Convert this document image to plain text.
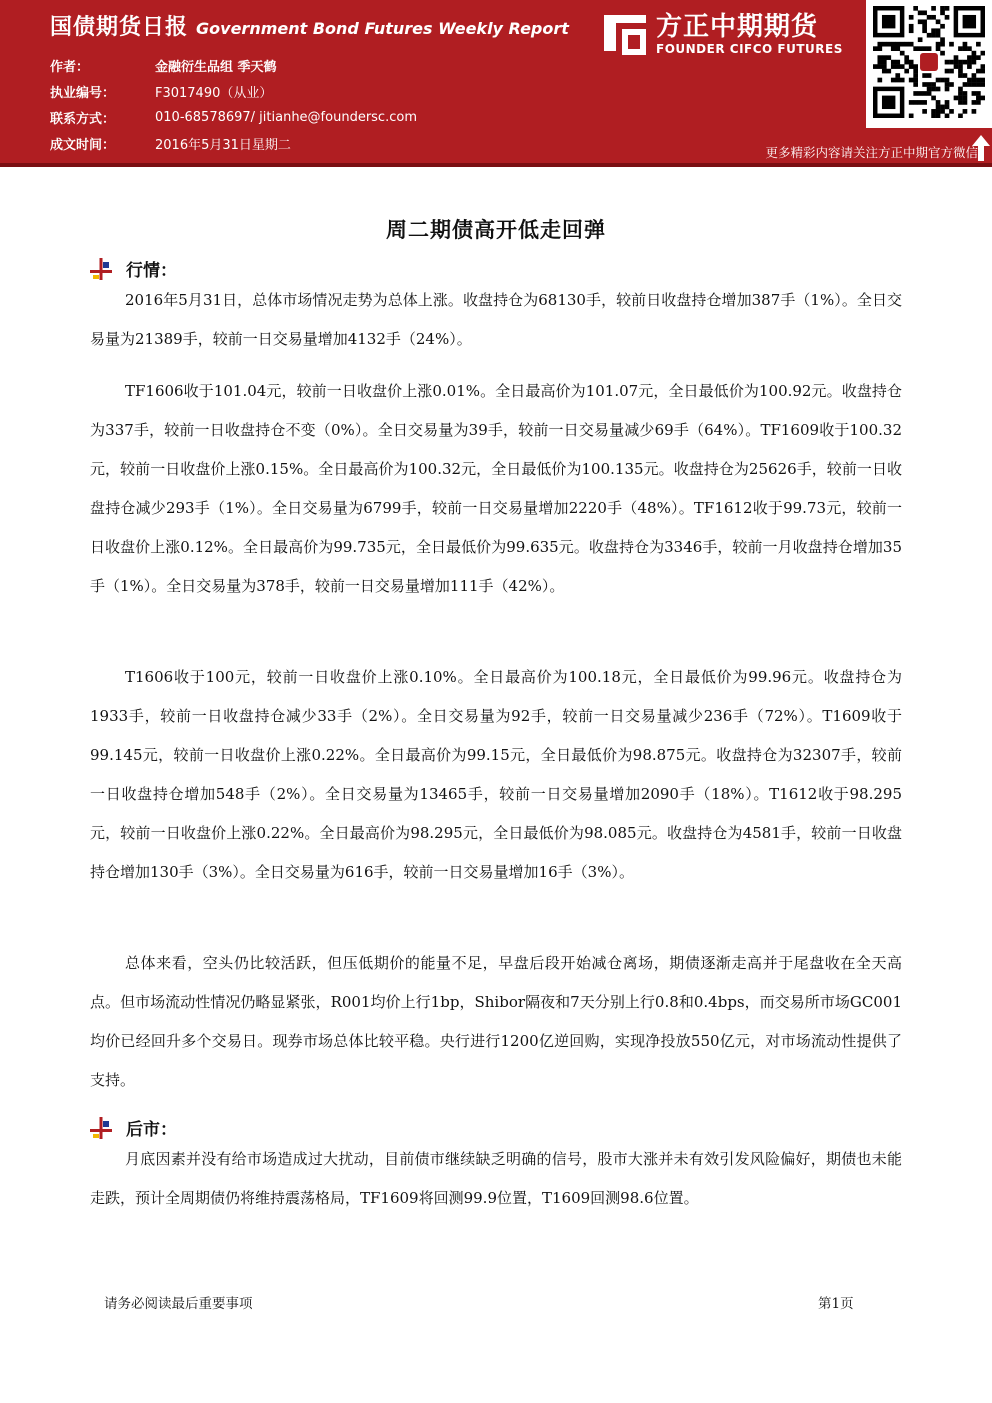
国债期货日报 Government Bond Futures Weekly Report
作者：	金融衍生品组 季天鹤
执业编号：	F3017490（从业）
联系方式：	010-68578697/ jitianhe@foundersc.com
成文时间：	2016年5月31日星期二
方正中期期货
FOUNDER CIFCO FUTURES
更多精彩内容请关注方正中期官方微信
周二期债高开低走回弹
行情：

2016年5月31日，总体市场情况走势为总体上涨。收盘持仓为68130手，较前日收盘持仓增加387手（1%）。全日交易量为21389手，较前一日交易量增加4132手（24%）。

TF1606收于101.04元，较前一日收盘价上涨0.01%。全日最高价为101.07元，全日最低价为100.92元。收盘持仓为337手，较前一日收盘持仓不变（0%）。全日交易量为39手，较前一日交易量减少69手（64%）。TF1609收于100.32元，较前一日收盘价上涨0.15%。全日最高价为100.32元，全日最低价为100.135元。收盘持仓为25626手，较前一日收盘持仓减少293手（1%）。全日交易量为6799手，较前一日交易量增加2220手（48%）。TF1612收于99.73元，较前一日收盘价上涨0.12%。全日最高价为99.735元，全日最低价为99.635元。收盘持仓为3346手，较前一月收盘持仓增加35手（1%）。全日交易量为378手，较前一日交易量增加111手（42%）。

T1606收于100元，较前一日收盘价上涨0.10%。全日最高价为100.18元，全日最低价为99.96元。收盘持仓为1933手，较前一日收盘持仓减少33手（2%）。全日交易量为92手，较前一日交易量减少236手（72%）。T1609收于99.145元，较前一日收盘价上涨0.22%。全日最高价为99.15元，全日最低价为98.875元。收盘持仓为32307手，较前一日收盘持仓增加548手（2%）。全日交易量为13465手，较前一日交易量增加2090手（18%）。T1612收于98.295元，较前一日收盘价上涨0.22%。全日最高价为98.295元，全日最低价为98.085元。收盘持仓为4581手，较前一日收盘持仓增加130手（3%）。全日交易量为616手，较前一日交易量增加16手（3%）。

总体来看，空头仍比较活跃，但压低期价的能量不足，早盘后段开始减仓离场，期债逐渐走高并于尾盘收在全天高点。但市场流动性情况仍略显紧张，R001均价上行1bp，Shibor隔夜和7天分别上行0.8和0.4bps，而交易所市场GC001均价已经回升多个交易日。现券市场总体比较平稳。央行进行1200亿逆回购，实现净投放550亿元，对市场流动性提供了支持。

后市：

月底因素并没有给市场造成过大扰动，目前债市继续缺乏明确的信号，股市大涨并未有效引发风险偏好，期债也未能走跌，预计全周期债仍将维持震荡格局，TF1609将回测99.9位置，T1609回测98.6位置。

请务必阅读最后重要事项	第1页
